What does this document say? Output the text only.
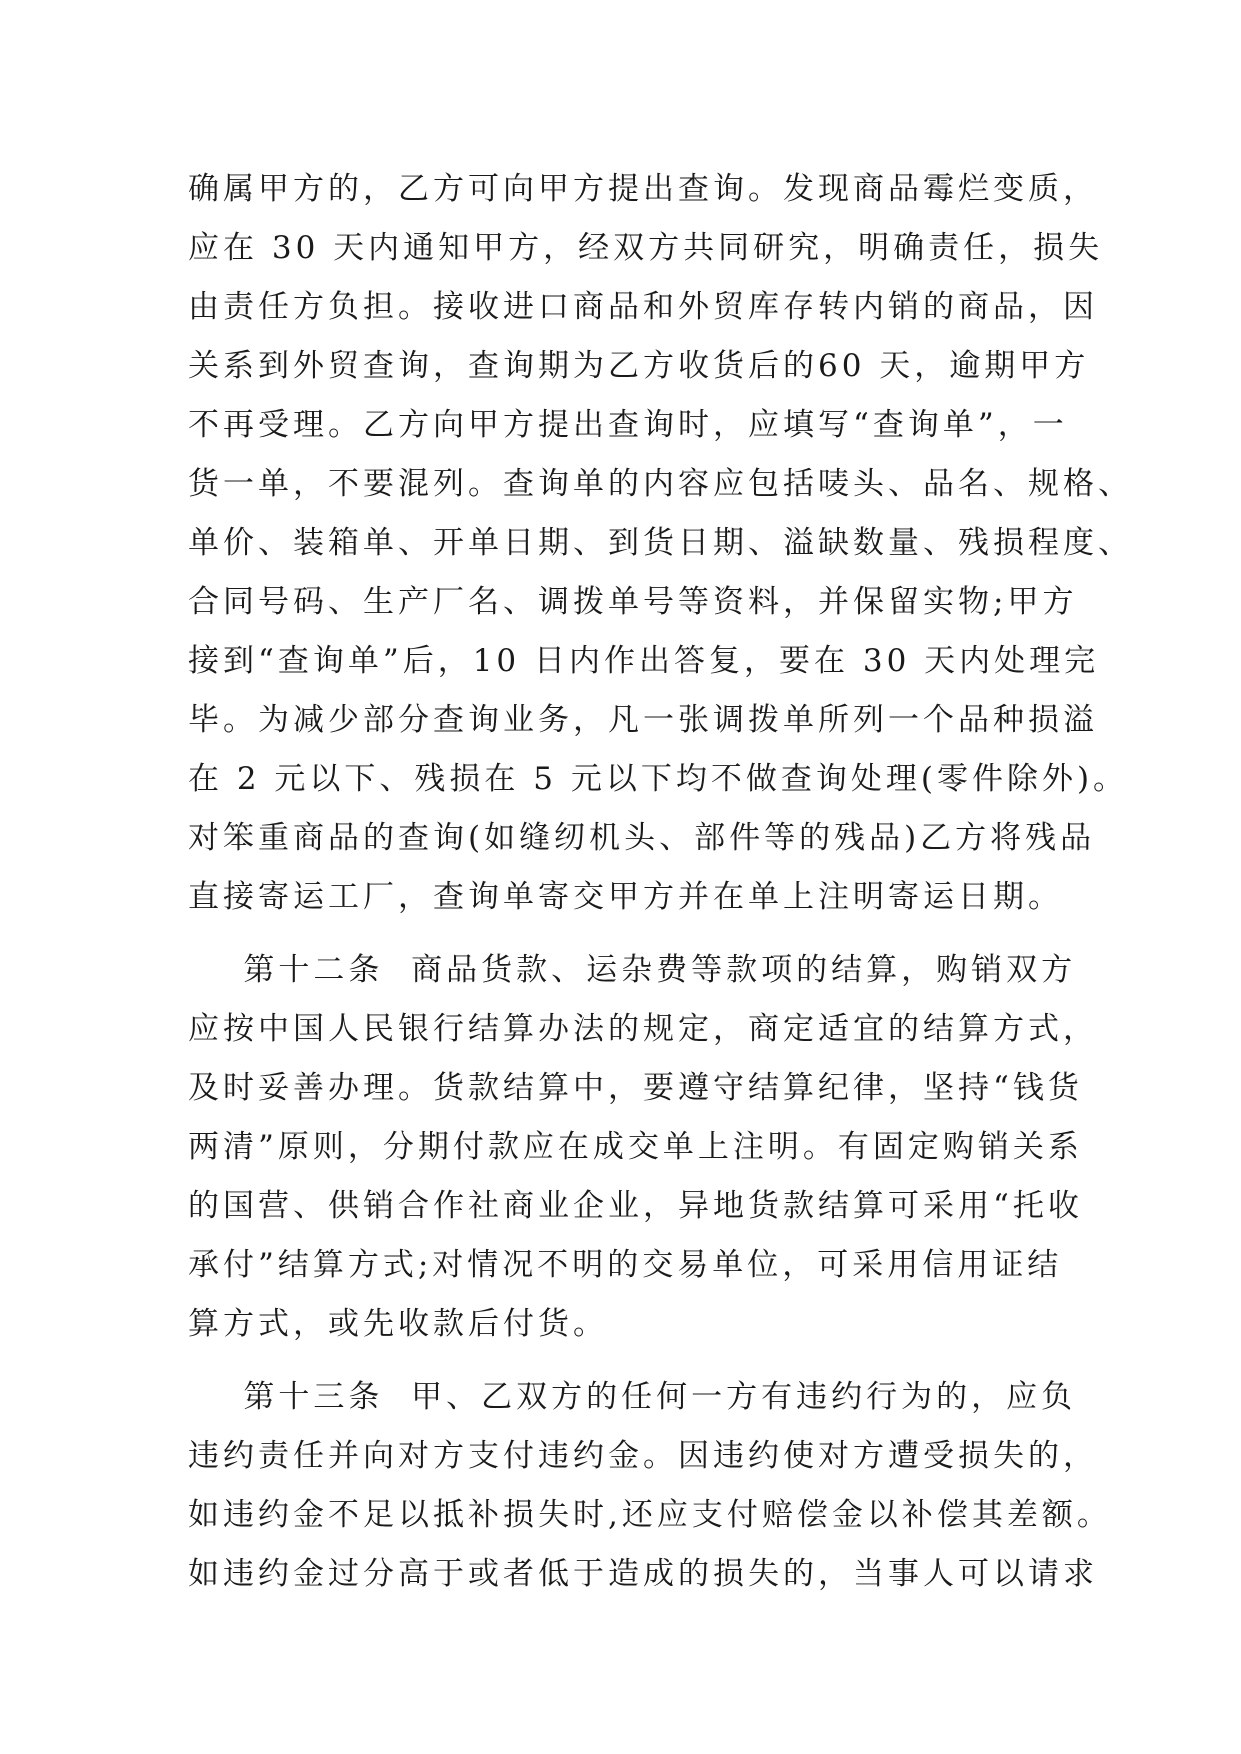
确属甲方的，乙方可向甲方提出查询。发现商品霉烂变质，
应在 30 天内通知甲方，经双方共同研究，明确责任，损失
由责任方负担。接收进口商品和外贸库存转内销的商品，因
关系到外贸查询，查询期为乙方收货后的60 天，逾期甲方
不再受理。乙方向甲方提出查询时，应填写“查询单”，一
货一单，不要混列。查询单的内容应包括唛头、品名、规格、
单价、装箱单、开单日期、到货日期、溢缺数量、残损程度、
合同号码、生产厂名、调拨单号等资料，并保留实物;甲方
接到“查询单”后，10 日内作出答复，要在 30 天内处理完
毕。为减少部分查询业务，凡一张调拨单所列一个品种损溢
在 2 元以下、残损在 5 元以下均不做查询处理(零件除外)。
对笨重商品的查询(如缝纫机头、部件等的残品)乙方将残品
直接寄运工厂，查询单寄交甲方并在单上注明寄运日期。
第十二条  商品货款、运杂费等款项的结算，购销双方
应按中国人民银行结算办法的规定，商定适宜的结算方式，
及时妥善办理。货款结算中，要遵守结算纪律，坚持“钱货
两清”原则，分期付款应在成交单上注明。有固定购销关系
的国营、供销合作社商业企业，异地货款结算可采用“托收
承付”结算方式;对情况不明的交易单位，可采用信用证结
算方式，或先收款后付货。
第十三条  甲、乙双方的任何一方有违约行为的，应负
违约责任并向对方支付违约金。因违约使对方遭受损失的，
如违约金不足以抵补损失时,还应支付赔偿金以补偿其差额。
如违约金过分高于或者低于造成的损失的，当事人可以请求
